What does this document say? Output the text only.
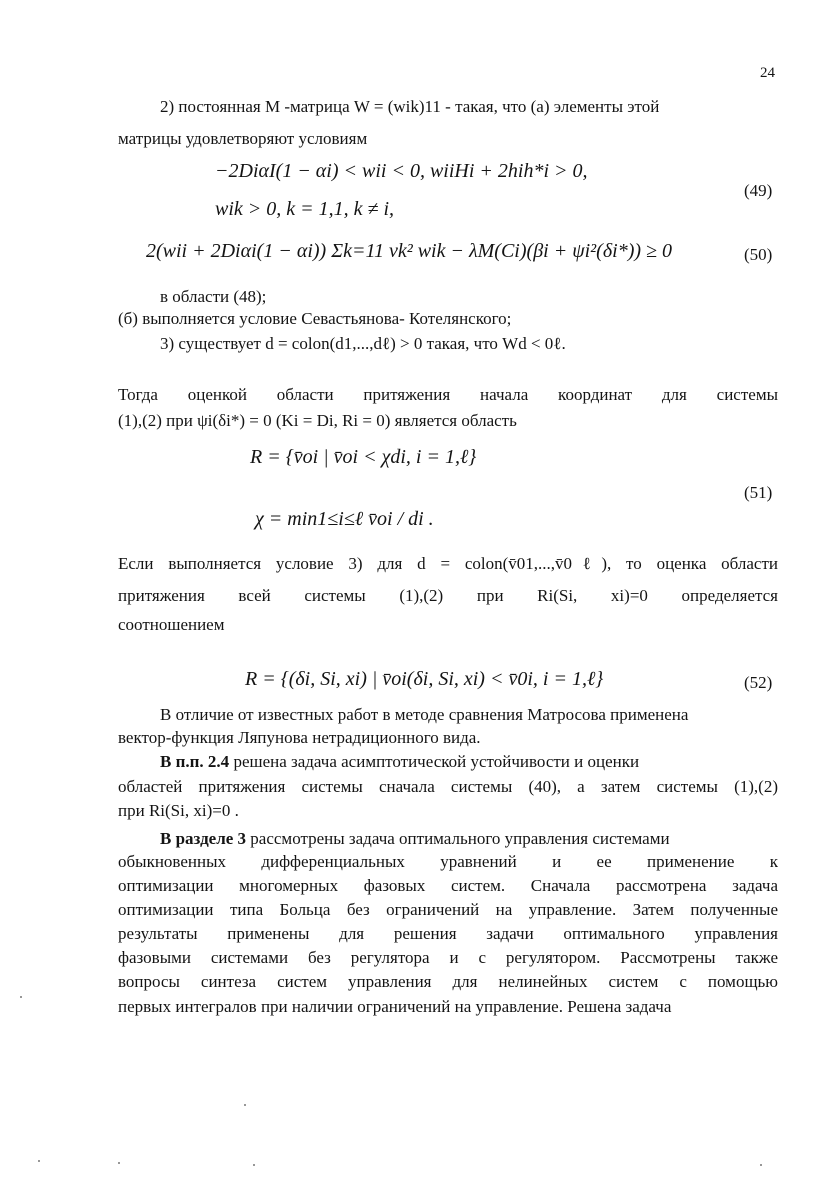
24
2) постоянная М -матрица W = (wik)11 - такая, что (а) элементы этой
матрицы удовлетворяют условиям
−2DiαI(1 − αi) < wii < 0, wiiHi + 2hih*i > 0,
wik > 0, k = 1,1, k ≠ i,
(49)
2(wii + 2Diαi(1 − αi)) Σk=11 νk² wik − λM(Ci)(βi + ψi²(δi*)) ≥ 0	(50)
в области (48);
(б) выполняется условие Севастьянова- Котелянского;
3) существует d = colon(d1,...,dℓ) > 0 такая, что Wd < 0ℓ.
Тогда оценкой области притяжения начала координат для системы
(1),(2) при ψi(δi*) = 0 (Ki = Di, Ri = 0) является область
R = {v̄oi | v̄oi < χdi, i = 1,ℓ}
χ = min1≤i≤ℓ v̄oi / di .
(51)
Если выполняется условие 3) для d = colon(v̄01,...,v̄0ℓ), то оценка области
притяжения всей системы (1),(2) при Ri(Si, xi)=0 определяется
соотношением
R = {(δi, Si, xi) | v̄oi(δi, Si, xi) < v̄0i, i = 1,ℓ}	(52)
В отличие от известных работ в методе сравнения Матросова применена
вектор-функция Ляпунова нетрадиционного вида.
В п.п. 2.4 решена задача асимптотической устойчивости и оценки
областей притяжения системы сначала системы (40), а затем системы (1),(2)
при Ri(Si, xi)=0 .
В разделе 3 рассмотрены задача оптимального управления системами
обыкновенных дифференциальных уравнений и ее применение к
оптимизации многомерных фазовых систем. Сначала рассмотрена задача
оптимизации типа Больца без ограничений на управление. Затем полученные
результаты применены для решения задачи оптимального управления
фазовыми системами без регулятора и с регулятором. Рассмотрены также
вопросы синтеза систем управления для нелинейных систем с помощью
первых интегралов при наличии ограничений на управление. Решена задача
